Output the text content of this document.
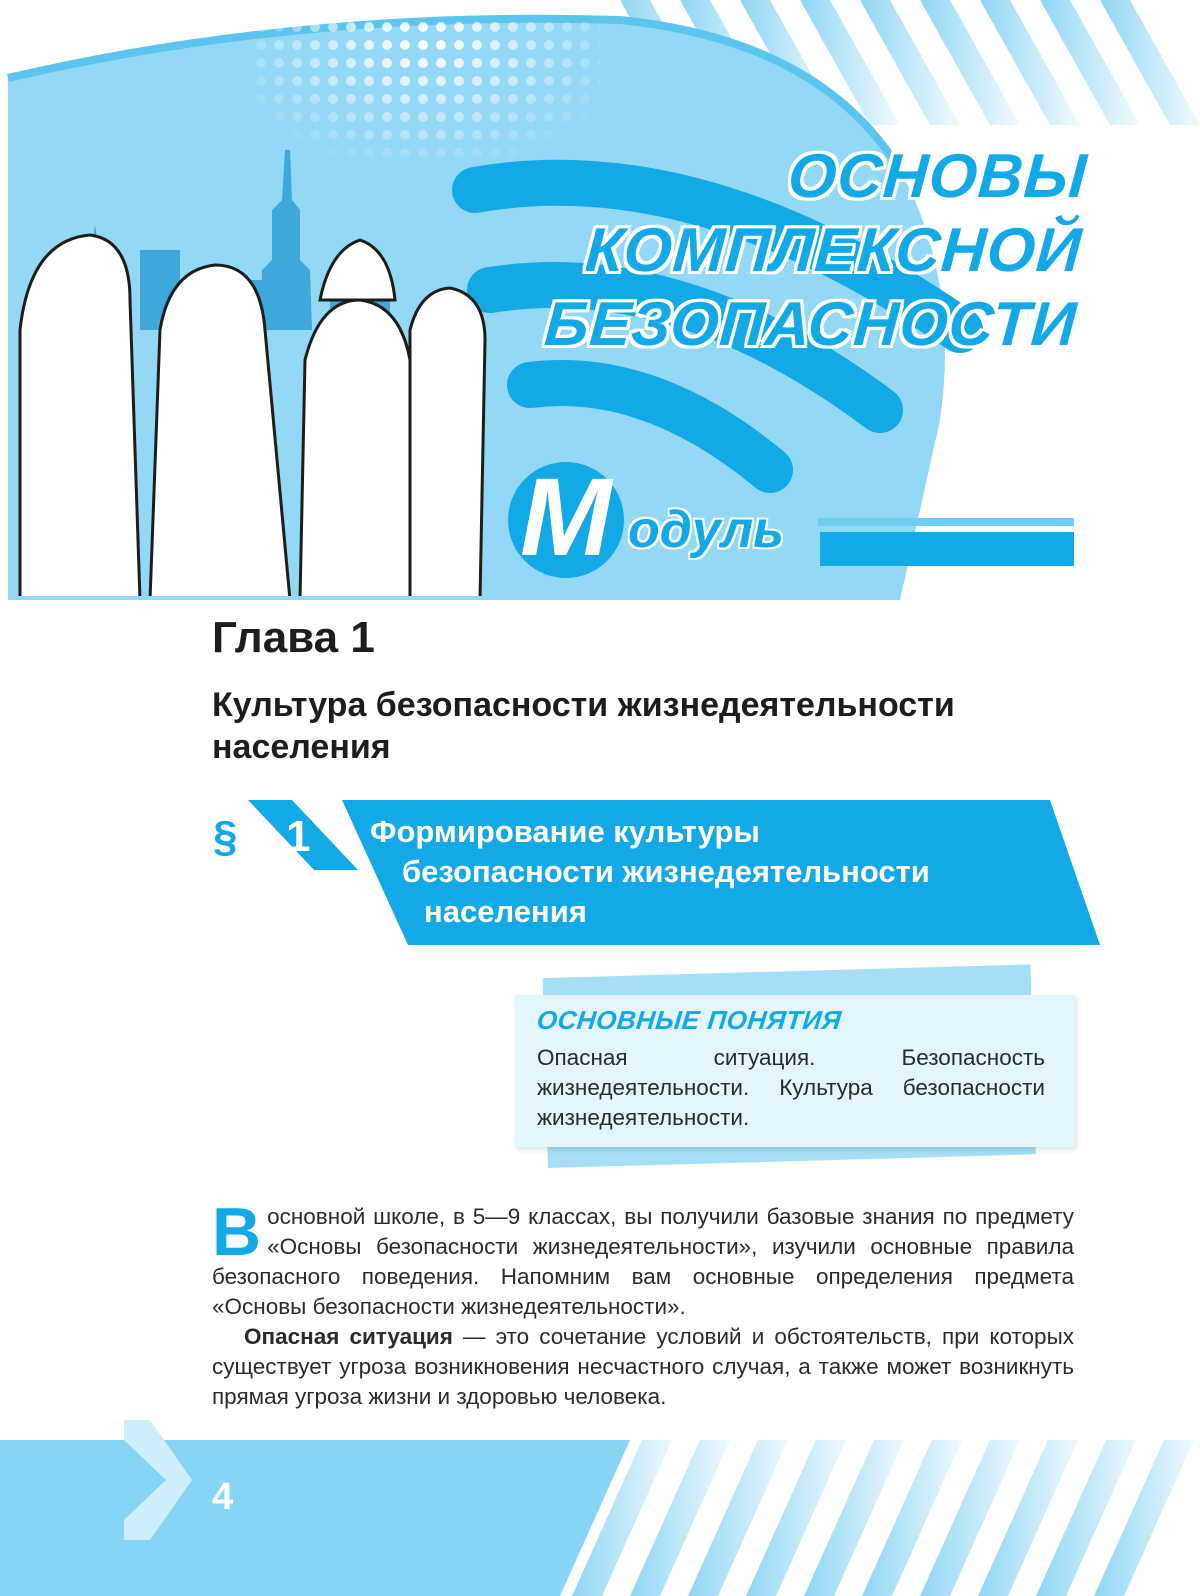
ОСНОВЫ
КОМПЛЕКСНОЙ
БЕЗОПАСНОСТИ
М одуль
Глава 1
Культура безопасности жизнедеятельности населения
§ 1 Формирование культуры
безопасности жизнедеятельности
населения
ОСНОВНЫЕ ПОНЯТИЯ
Опасная ситуация. Безопасность жизнедеятельности. Культура безопасности жизнедеятельности.

В основной школе, в 5—9 классах, вы получили базовые знания по предмету «Основы безопасности жизнедеятельности», изучили основные правила безопасного поведения. Напомним вам основные определения предмета «Основы безопасности жизнедеятельности».

Опасная ситуация — это сочетание условий и обстоятельств, при которых существует угроза возникновения несчастного случая, а также может возникнуть прямая угроза жизни и здоровью человека.

4
